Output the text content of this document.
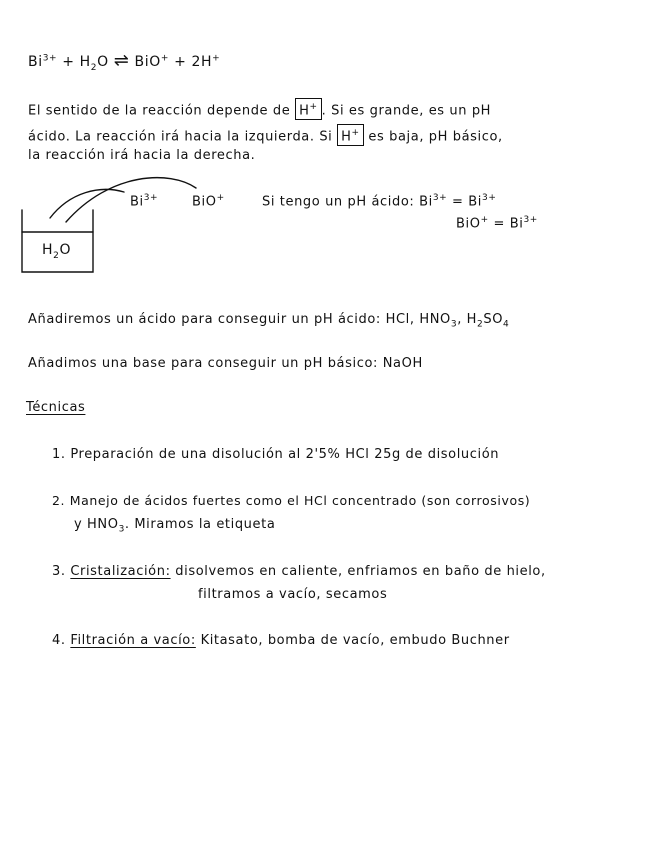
$Bi^{3+} + H_2O$ ⇌ BiO+ + 2H+
El sentido de la reacción depende de H+ . Si es grande, es un pH
ácido. La reacción irá hacia la izquierda. Si H+ es baja, pH básico,
la reacción irá hacia la derecha.
$H_2O$
$Bi^{3+}$	BiO+	Si tengo un pH ácido: $Bi^{3+} = Bi^{3+}$
$BiO^+ = Bi^{3+}$
Añadiremos un ácido para conseguir un pH ácido: HCl, $HNO_3$, $H_2SO_4$
Añadimos una base para conseguir un pH básico: NaOH
Técnicas
1. Preparación de una disolución al 2'5% HCl 25g de disolución
2. Manejo de ácidos fuertes como el HCl concentrado (son corrosivos)
y $HNO_3$. Miramos la etiqueta
3. Cristalización: disolvemos en caliente, enfriamos en baño de hielo,
filtramos a vacío, secamos
4. Filtración a vacío: Kitasato, bomba de vacío, embudo Buchner
